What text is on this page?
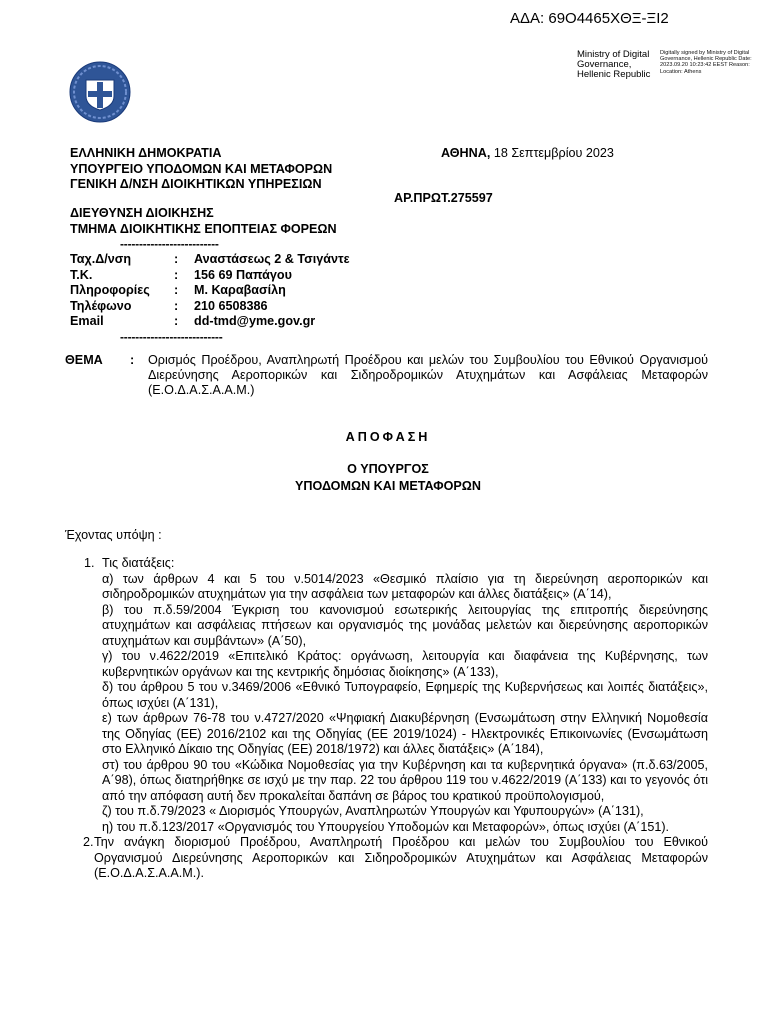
ΑΔΑ: 69Ο4465ΧΘΞ-ΞΙ2
Ministry of Digital Governance, Hellenic Republic
Digitally signed by Ministry of Digital Governance, Hellenic Republic Date: 2023.09.20 10:23:42 EEST Reason: Location: Athens
ΕΛΛΗΝΙΚΗ ΔΗΜΟΚΡΑΤΙΑ
ΥΠΟΥΡΓΕΙΟ ΥΠΟΔΟΜΩΝ ΚΑΙ ΜΕΤΑΦΟΡΩΝ
ΓΕΝΙΚΗ Δ/ΝΣΗ ΔΙΟΙΚΗΤΙΚΩΝ ΥΠΗΡΕΣΙΩΝ
ΑΘΗΝΑ, 18 Σεπτεμβρίου 2023
ΑΡ.ΠΡΩΤ.275597
ΔΙΕΥΘΥΝΣΗ ΔΙΟΙΚΗΣΗΣ
ΤΜΗΜΑ ΔΙΟΙΚΗΤΙΚΗΣ ΕΠΟΠΤΕΙΑΣ ΦΟΡΕΩΝ
--------------------------
Ταχ.Δ/νση	:	Αναστάσεως 2 & Τσιγάντε
Τ.Κ.	:	156 69 Παπάγου
Πληροφορίες	:	Μ. Καραβασίλη
Τηλέφωνο	:	210 6508386
Email	:	dd-tmd@yme.gov.gr
---------------------------
ΘΕΜΑ : Ορισμός Προέδρου, Αναπληρωτή Προέδρου και μελών του Συμβουλίου του Εθνικού Οργανισμού Διερεύνησης Αεροπορικών και Σιδηροδρομικών Ατυχημάτων και Ασφάλειας Μεταφορών (Ε.Ο.Δ.Α.Σ.Α.Α.Μ.)
ΑΠΟΦΑΣΗ
Ο ΥΠΟΥΡΓΟΣ
ΥΠΟΔΟΜΩΝ ΚΑΙ ΜΕΤΑΦΟΡΩΝ
Έχοντας υπόψη :
1. Τις διατάξεις:
α) των άρθρων 4 και 5 του ν.5014/2023 «Θεσμικό πλαίσιο για τη διερεύνηση αεροπορικών και σιδηροδρομικών ατυχημάτων για την ασφάλεια των μεταφορών και άλλες διατάξεις» (Α΄14),
β) του π.δ.59/2004 Έγκριση του κανονισμού εσωτερικής λειτουργίας της επιτροπής διερεύνησης ατυχημάτων και ασφάλειας πτήσεων και οργανισμός της μονάδας μελετών και διερεύνησης αεροπορικών ατυχημάτων και συμβάντων» (Α΄50),
γ) του ν.4622/2019 «Επιτελικό Κράτος: οργάνωση, λειτουργία και διαφάνεια της Κυβέρνησης, των κυβερνητικών οργάνων και της κεντρικής δημόσιας διοίκησης» (Α΄133),
δ) του άρθρου 5 του ν.3469/2006 «Εθνικό Τυπογραφείο, Εφημερίς της Κυβερνήσεως και λοιπές διατάξεις», όπως ισχύει (Α΄131),
ε) των άρθρων 76-78 του ν.4727/2020 «Ψηφιακή Διακυβέρνηση (Ενσωμάτωση στην Ελληνική Νομοθεσία της Οδηγίας (ΕΕ) 2016/2102 και της Οδηγίας (ΕΕ 2019/1024) - Ηλεκτρονικές Επικοινωνίες (Ενσωμάτωση στο Ελληνικό Δίκαιο της Οδηγίας (ΕΕ) 2018/1972) και άλλες διατάξεις» (Α΄184),
στ) του άρθρου 90 του «Κώδικα Νομοθεσίας για την Κυβέρνηση και τα κυβερνητικά όργανα» (π.δ.63/2005, Α΄98), όπως διατηρήθηκε σε ισχύ με την παρ. 22 του άρθρου 119 του ν.4622/2019 (Α΄133) και το γεγονός ότι από την απόφαση αυτή δεν προκαλείται δαπάνη σε βάρος του κρατικού προϋπολογισμού,
ζ) του π.δ.79/2023 « Διορισμός Υπουργών, Αναπληρωτών Υπουργών και Υφυπουργών» (Α΄131),
η) του π.δ.123/2017 «Οργανισμός του Υπουργείου Υποδομών και Μεταφορών», όπως ισχύει (Α΄151).
2. Την ανάγκη διορισμού Προέδρου, Αναπληρωτή Προέδρου και μελών του Συμβουλίου του Εθνικού Οργανισμού Διερεύνησης Αεροπορικών και Σιδηροδρομικών Ατυχημάτων και Ασφάλειας Μεταφορών (Ε.Ο.Δ.Α.Σ.Α.Α.Μ.).
